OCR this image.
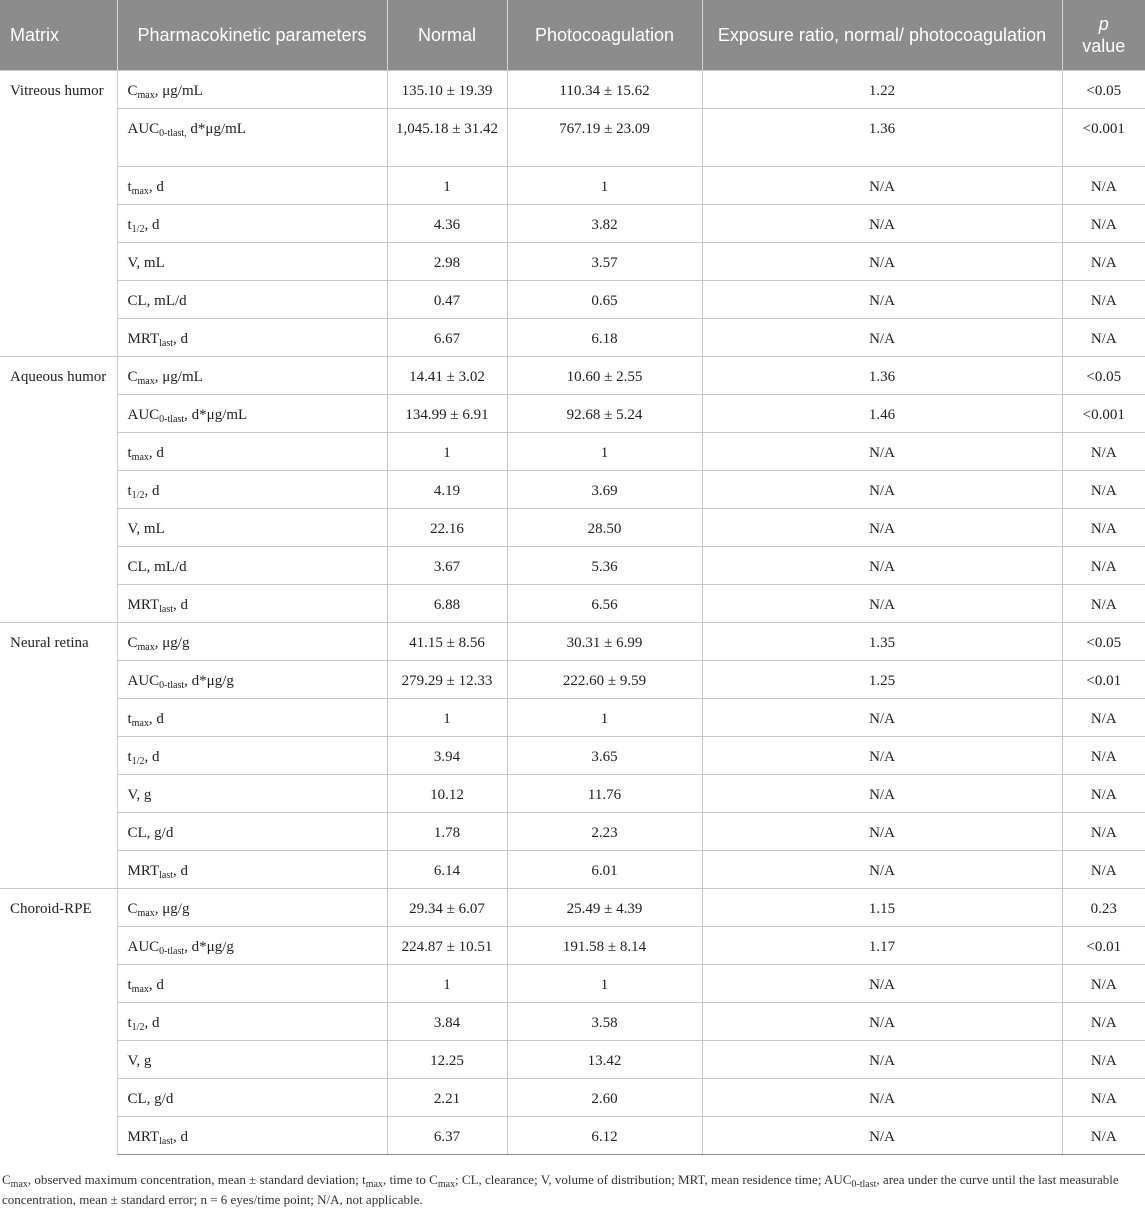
Matrix	Pharmacokinetic parameters	Normal	Photocoagulation	Exposure ratio, normal/ photocoagulation	p
value
Vitreous humor	$C_{max}$, μg/mL	135.10 ± 19.39	110.34 ± 15.62	1.22	<0.05
	$AUC_{0-tlast,}$ d*μg/mL	1,045.18 ± 31.42	767.19 ± 23.09	1.36	<0.001
	$t_{max}$, d	1	1	N/A	N/A
	$t_{1/2}$, d	4.36	3.82	N/A	N/A
	V, mL	2.98	3.57	N/A	N/A
	CL, mL/d	0.47	0.65	N/A	N/A
	$MRT_{last}$, d	6.67	6.18	N/A	N/A
Aqueous humor	$C_{max}$, μg/mL	14.41 ± 3.02	10.60 ± 2.55	1.36	<0.05
	$AUC_{0-tlast}$, d*μg/mL	134.99 ± 6.91	92.68 ± 5.24	1.46	<0.001
	$t_{max}$, d	1	1	N/A	N/A
	$t_{1/2}$, d	4.19	3.69	N/A	N/A
	V, mL	22.16	28.50	N/A	N/A
	CL, mL/d	3.67	5.36	N/A	N/A
	$MRT_{last}$, d	6.88	6.56	N/A	N/A
Neural retina	$C_{max}$, μg/g	41.15 ± 8.56	30.31 ± 6.99	1.35	<0.05
	$AUC_{0-tlast}$, d*μg/g	279.29 ± 12.33	222.60 ± 9.59	1.25	<0.01
	$t_{max}$, d	1	1	N/A	N/A
	$t_{1/2}$, d	3.94	3.65	N/A	N/A
	V, g	10.12	11.76	N/A	N/A
	CL, g/d	1.78	2.23	N/A	N/A
	$MRT_{last}$, d	6.14	6.01	N/A	N/A
Choroid-RPE	$C_{max}$, μg/g	29.34 ± 6.07	25.49 ± 4.39	1.15	0.23
	$AUC_{0-tlast}$, d*μg/g	224.87 ± 10.51	191.58 ± 8.14	1.17	<0.01
	$t_{max}$, d	1	1	N/A	N/A
	$t_{1/2}$, d	3.84	3.58	N/A	N/A
	V, g	12.25	13.42	N/A	N/A
	CL, g/d	2.21	2.60	N/A	N/A
	$MRT_{last}$, d	6.37	6.12	N/A	N/A
$C_{max}$, observed maximum concentration, mean ± standard deviation; $t_{max}$, time to $C_{max}$; CL, clearance; V, volume of distribution; MRT, mean residence time; $AUC_{0-tlast}$, area under the curve until the last measurable concentration, mean ± standard error; n = 6 eyes/time point; N/A, not applicable.
